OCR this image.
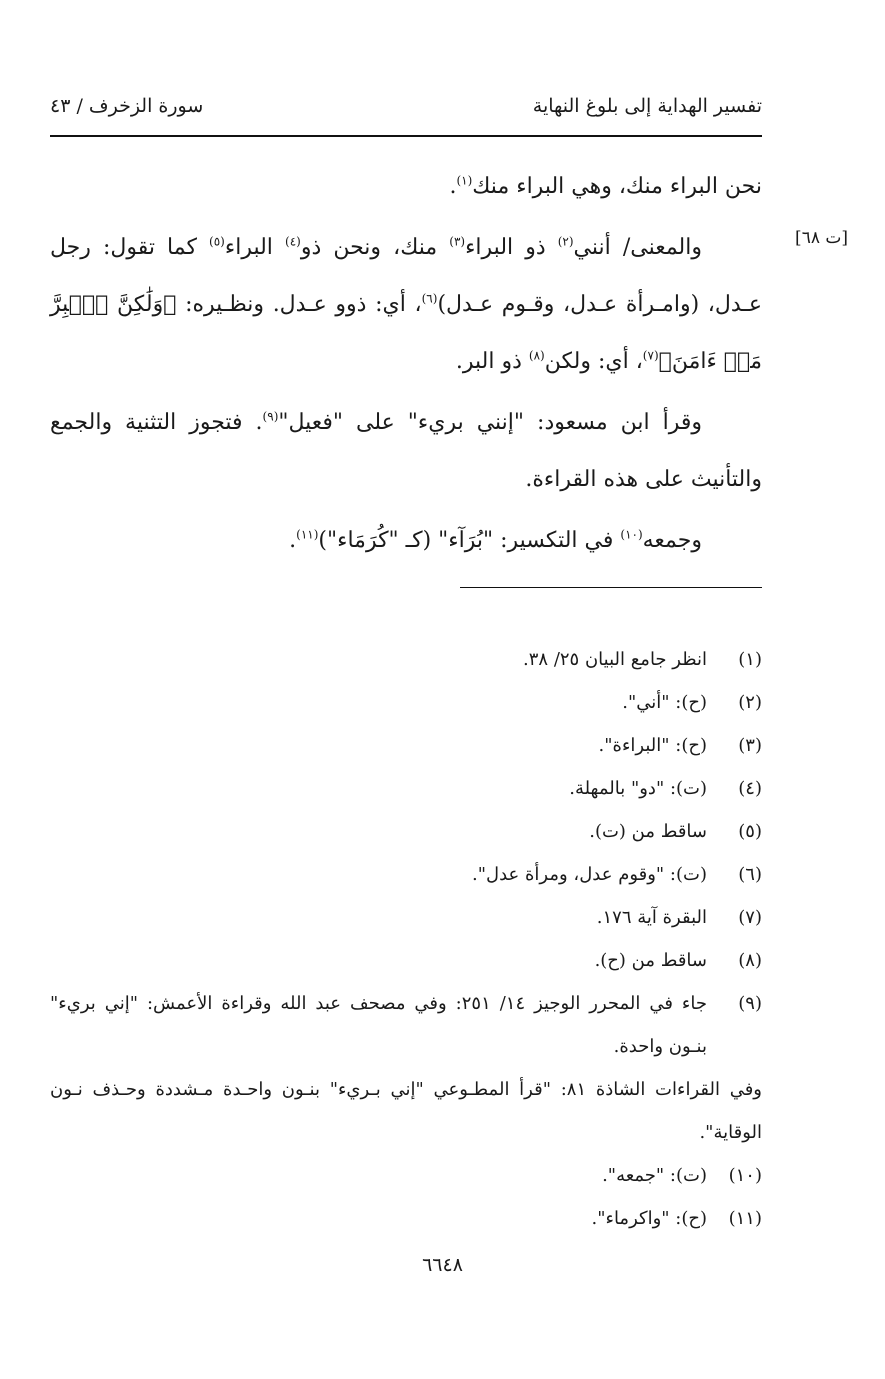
تفسير الهداية إلى بلوغ النهاية
سورة الزخرف / ٤٣
[ت ٦٨]

نحن البراء منك، وهي البراء منك$^{(١)}$.

والمعنى/ أنني$^{(٢)}$ ذو البراء$^{(٣)}$ منك، ونحن ذو$^{(٤)}$ البراء$^{(٥)}$ كما تقول: رجل عـدل، (وامـرأة عـدل، وقـوم عـدل)$^{(٦)}$، أي: ذوو عـدل. ونظـيره: ﴿وَلَٰكِنَّ ٱلۡبِرَّ مَنۡ ءَامَنَ﴾$^{(٧)}$، أي: ولكن$^{(٨)}$ ذو البر.

وقرأ ابن مسعود: "إنني بريء" على "فعيل"$^{(٩)}$. فتجوز التثنية والجمع والتأنيث على هذه القراءة.

وجمعه$^{(١٠)}$ في التكسير: "بُرَآء" (كـ "كُرَمَاء")$^{(١١)}$.

(١)
انظر جامع البيان ٢٥/ ٣٨.
(٢)
(ح): "أني".
(٣)
(ح): "البراءة".
(٤)
(ت): "دو" بالمهلة.
(٥)
ساقط من (ت).
(٦)
(ت): "وقوم عدل، ومرأة عدل".
(٧)
البقرة آية ١٧٦.
(٨)
ساقط من (ح).
(٩)
جاء في المحرر الوجيز ١٤/ ٢٥١: وفي مصحف عبد الله وقراءة الأعمش: "إني بريء" بنـون واحدة.
وفي القراءات الشاذة ٨١: "قرأ المطـوعي "إني بـريء" بنـون واحـدة مـشددة وحـذف نـون الوقاية".
(١٠)
(ت): "جمعه".
(١١)
(ح): "واكرماء".
٦٦٤٨
